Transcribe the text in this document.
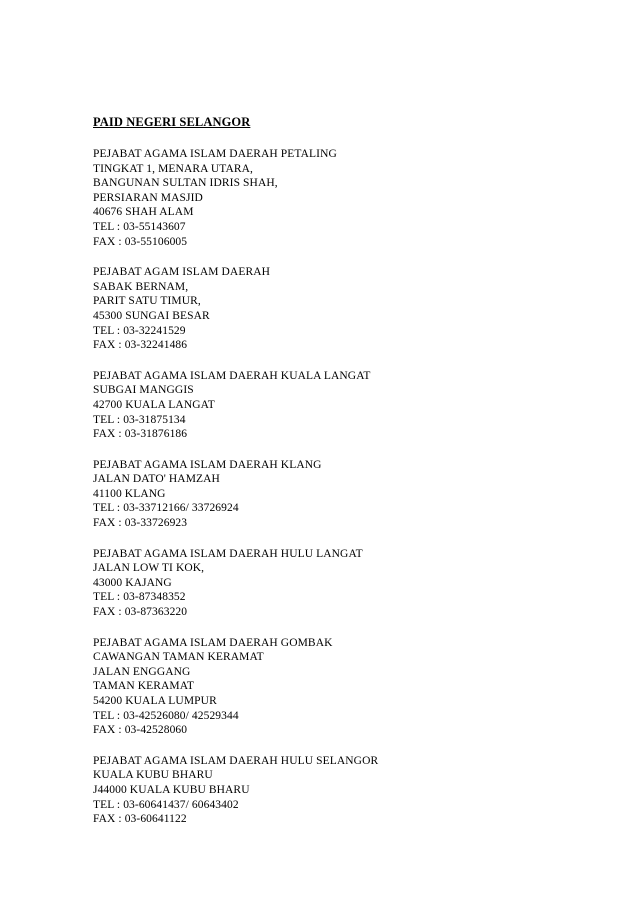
PAID NEGERI SELANGOR
PEJABAT AGAMA ISLAM DAERAH PETALING
TINGKAT 1, MENARA UTARA,
BANGUNAN SULTAN IDRIS SHAH,
PERSIARAN MASJID
40676 SHAH ALAM
TEL : 03-55143607
FAX : 03-55106005
PEJABAT AGAM ISLAM DAERAH
SABAK BERNAM,
PARIT SATU TIMUR,
45300 SUNGAI BESAR
TEL : 03-32241529
FAX : 03-32241486
PEJABAT AGAMA ISLAM DAERAH KUALA LANGAT
SUBGAI MANGGIS
42700 KUALA LANGAT
TEL : 03-31875134
FAX : 03-31876186
PEJABAT AGAMA ISLAM DAERAH KLANG
JALAN DATO' HAMZAH
41100 KLANG
TEL : 03-33712166/ 33726924
FAX : 03-33726923
PEJABAT AGAMA ISLAM DAERAH HULU LANGAT
JALAN LOW TI KOK,
43000 KAJANG
TEL : 03-87348352
FAX : 03-87363220
PEJABAT AGAMA ISLAM DAERAH GOMBAK
CAWANGAN TAMAN KERAMAT
JALAN ENGGANG
TAMAN KERAMAT
54200 KUALA LUMPUR
TEL : 03-42526080/ 42529344
FAX : 03-42528060
PEJABAT AGAMA ISLAM DAERAH HULU SELANGOR
KUALA KUBU BHARU
J44000 KUALA KUBU BHARU
TEL : 03-60641437/ 60643402
FAX : 03-60641122
